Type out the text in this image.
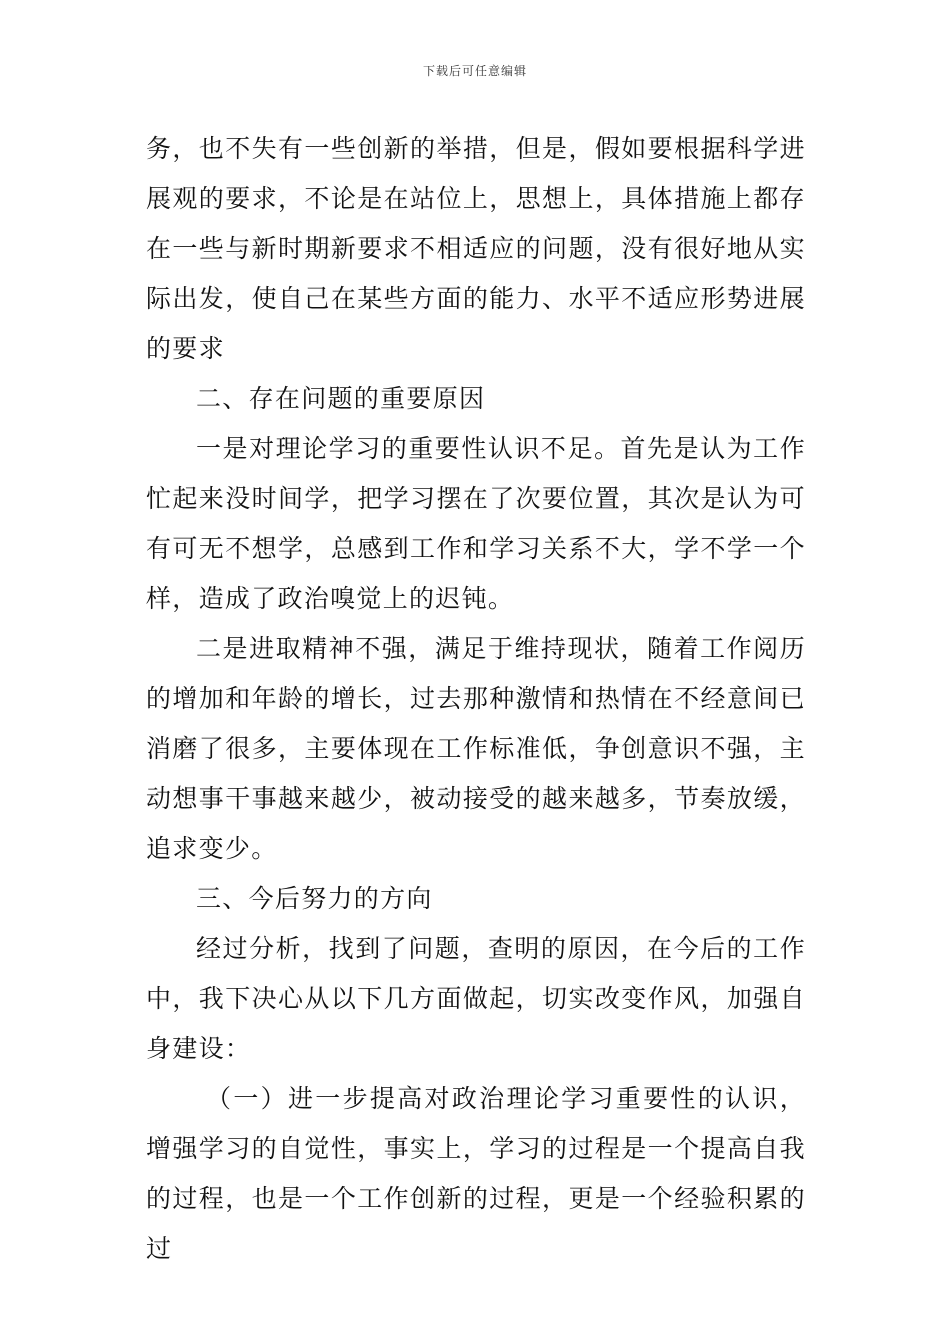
下载后可任意编辑

务，也不失有一些创新的举措，但是，假如要根据科学进展观的要求，不论是在站位上，思想上，具体措施上都存在一些与新时期新要求不相适应的问题，没有很好地从实际出发，使自己在某些方面的能力、水平不适应形势进展的要求

二、存在问题的重要原因

一是对理论学习的重要性认识不足。首先是认为工作忙起来没时间学，把学习摆在了次要位置，其次是认为可有可无不想学，总感到工作和学习关系不大，学不学一个样，造成了政治嗅觉上的迟钝。

二是进取精神不强，满足于维持现状，随着工作阅历的增加和年龄的增长，过去那种激情和热情在不经意间已消磨了很多，主要体现在工作标准低，争创意识不强，主动想事干事越来越少，被动接受的越来越多，节奏放缓，追求变少。

三、今后努力的方向

经过分析，找到了问题，查明的原因，在今后的工作中，我下决心从以下几方面做起，切实改变作风，加强自身建设：

（一）进一步提高对政治理论学习重要性的认识，增强学习的自觉性，事实上，学习的过程是一个提高自我的过程，也是一个工作创新的过程，更是一个经验积累的过
